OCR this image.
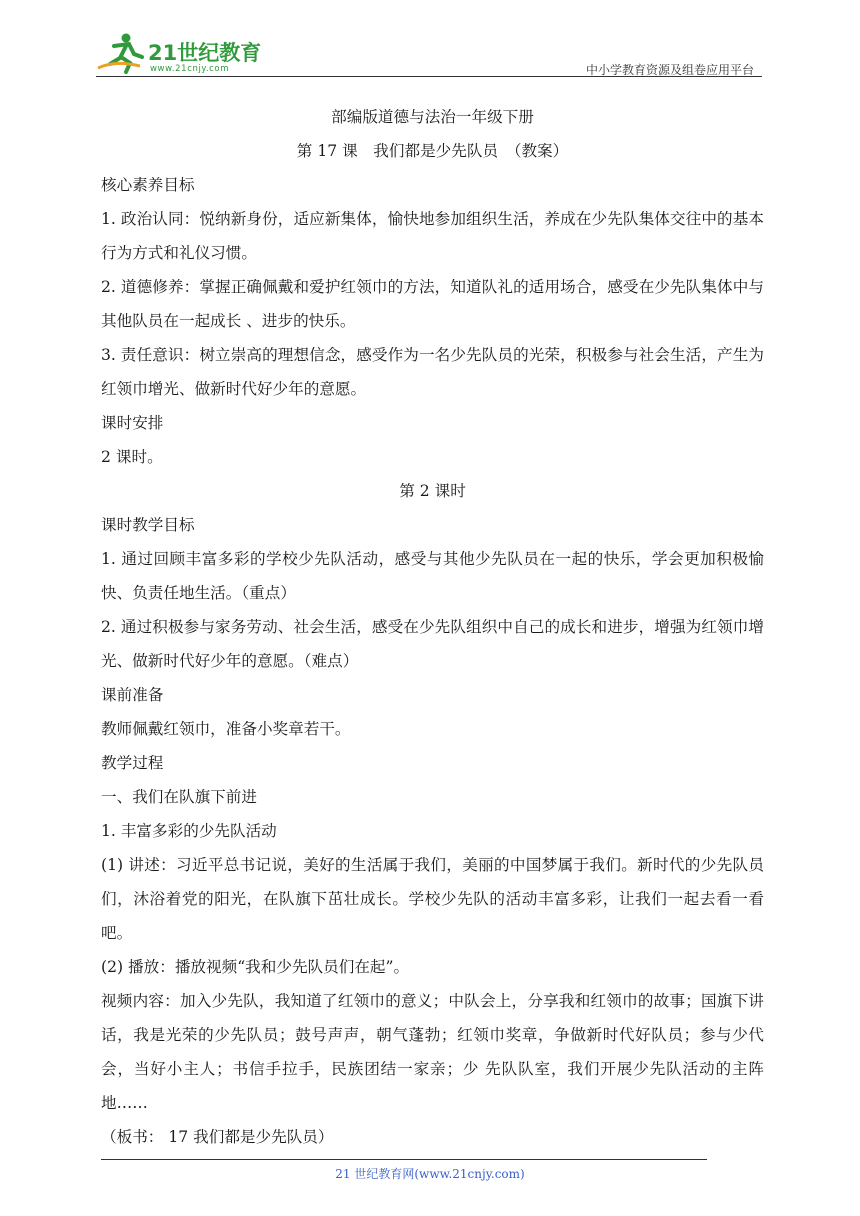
21世纪教育
www.21cnjy.com	中小学教育资源及组卷应用平台
部编版道德与法治一年级下册
第 17 课　我们都是少先队员　（教案）
核心素养目标
1. 政治认同：悦纳新身份，适应新集体，愉快地参加组织生活，养成在少先队集体交往中的基本行为方式和礼仪习惯。
2. 道德修养：掌握正确佩戴和爱护红领巾的方法，知道队礼的适用场合，感受在少先队集体中与其他队员在一起成长 、进步的快乐。
3. 责任意识：树立崇高的理想信念，感受作为一名少先队员的光荣，积极参与社会生活，产生为红领巾增光、做新时代好少年的意愿。
课时安排
2 课时。
第 2 课时
课时教学目标
1. 通过回顾丰富多彩的学校少先队活动，感受与其他少先队员在一起的快乐，学会更加积极愉快、负责任地生活。（重点）
2. 通过积极参与家务劳动、社会生活，感受在少先队组织中自己的成长和进步，增强为红领巾增光、做新时代好少年的意愿。（难点）
课前准备
教师佩戴红领巾，准备小奖章若干。
教学过程
一、我们在队旗下前进
1. 丰富多彩的少先队活动
(1) 讲述：习近平总书记说，美好的生活属于我们，美丽的中国梦属于我们。新时代的少先队员们，沐浴着党的阳光，在队旗下茁壮成长。学校少先队的活动丰富多彩，让我们一起去看一看吧。
(2) 播放：播放视频“我和少先队员们在起”。
视频内容：加入少先队，我知道了红领巾的意义；中队会上，分享我和红领巾的故事；国旗下讲话，我是光荣的少先队员；鼓号声声，朝气蓬勃；红领巾奖章，争做新时代好队员；参与少代会，当好小主人；书信手拉手，民族团结一家亲；少 先队队室，我们开展少先队活动的主阵地……
（板书： 17 我们都是少先队员）
21 世纪教育网(www.21cnjy.com)
